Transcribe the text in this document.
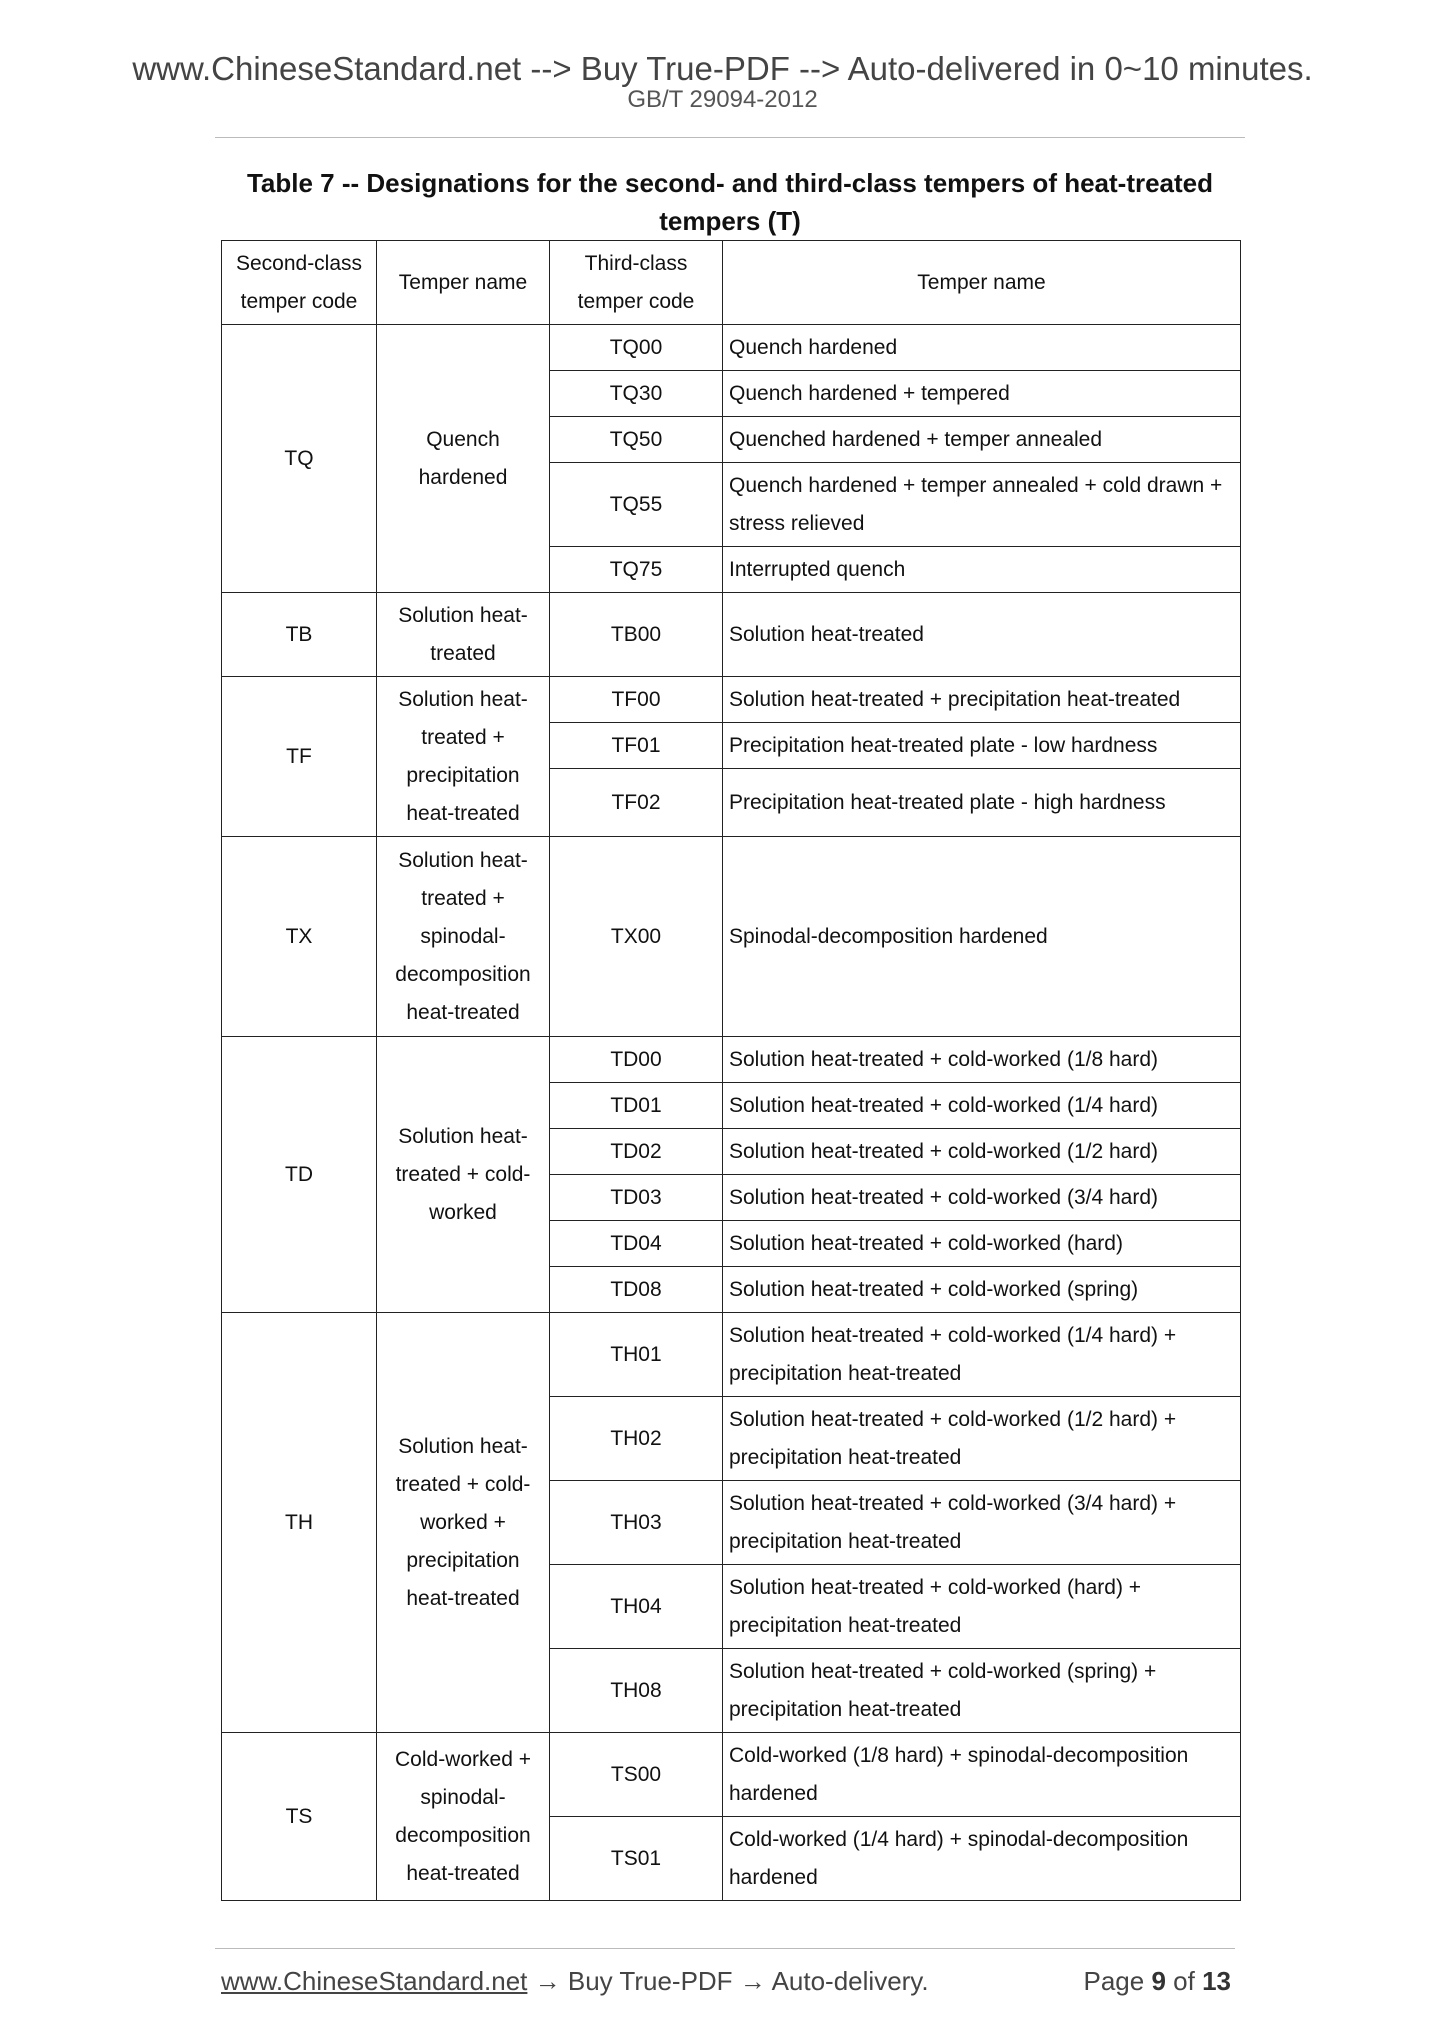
www.ChineseStandard.net --> Buy True-PDF --> Auto-delivered in 0~10 minutes.
GB/T 29094-2012
Table 7 -- Designations for the second- and third-class tempers of heat-treated tempers (T)
Second-class temper code	Temper name	Third-class temper code	Temper name
TQ	Quench hardened	TQ00	Quench hardened
		TQ30	Quench hardened + tempered
		TQ50	Quenched hardened + temper annealed
		TQ55	Quench hardened + temper annealed + cold drawn + stress relieved
		TQ75	Interrupted quench
TB	Solution heat-treated	TB00	Solution heat-treated
TF	Solution heat-treated + precipitation heat-treated	TF00	Solution heat-treated + precipitation heat-treated
		TF01	Precipitation heat-treated plate - low hardness
		TF02	Precipitation heat-treated plate - high hardness
TX	Solution heat-treated + spinodal-decomposition heat-treated	TX00	Spinodal-decomposition hardened
TD	Solution heat-treated + cold-worked	TD00	Solution heat-treated + cold-worked (1/8 hard)
		TD01	Solution heat-treated + cold-worked (1/4 hard)
		TD02	Solution heat-treated + cold-worked (1/2 hard)
		TD03	Solution heat-treated + cold-worked (3/4 hard)
		TD04	Solution heat-treated + cold-worked (hard)
		TD08	Solution heat-treated + cold-worked (spring)
TH	Solution heat-treated + cold-worked + precipitation heat-treated	TH01	Solution heat-treated + cold-worked (1/4 hard) + precipitation heat-treated
		TH02	Solution heat-treated + cold-worked (1/2 hard) + precipitation heat-treated
		TH03	Solution heat-treated + cold-worked (3/4 hard) + precipitation heat-treated
		TH04	Solution heat-treated + cold-worked (hard) + precipitation heat-treated
		TH08	Solution heat-treated + cold-worked (spring) + precipitation heat-treated
TS	Cold-worked + spinodal-decomposition heat-treated	TS00	Cold-worked (1/8 hard) + spinodal-decomposition hardened
		TS01	Cold-worked (1/4 hard) + spinodal-decomposition hardened
www.ChineseStandard.net → Buy True-PDF → Auto-delivery.	Page 9 of 13
